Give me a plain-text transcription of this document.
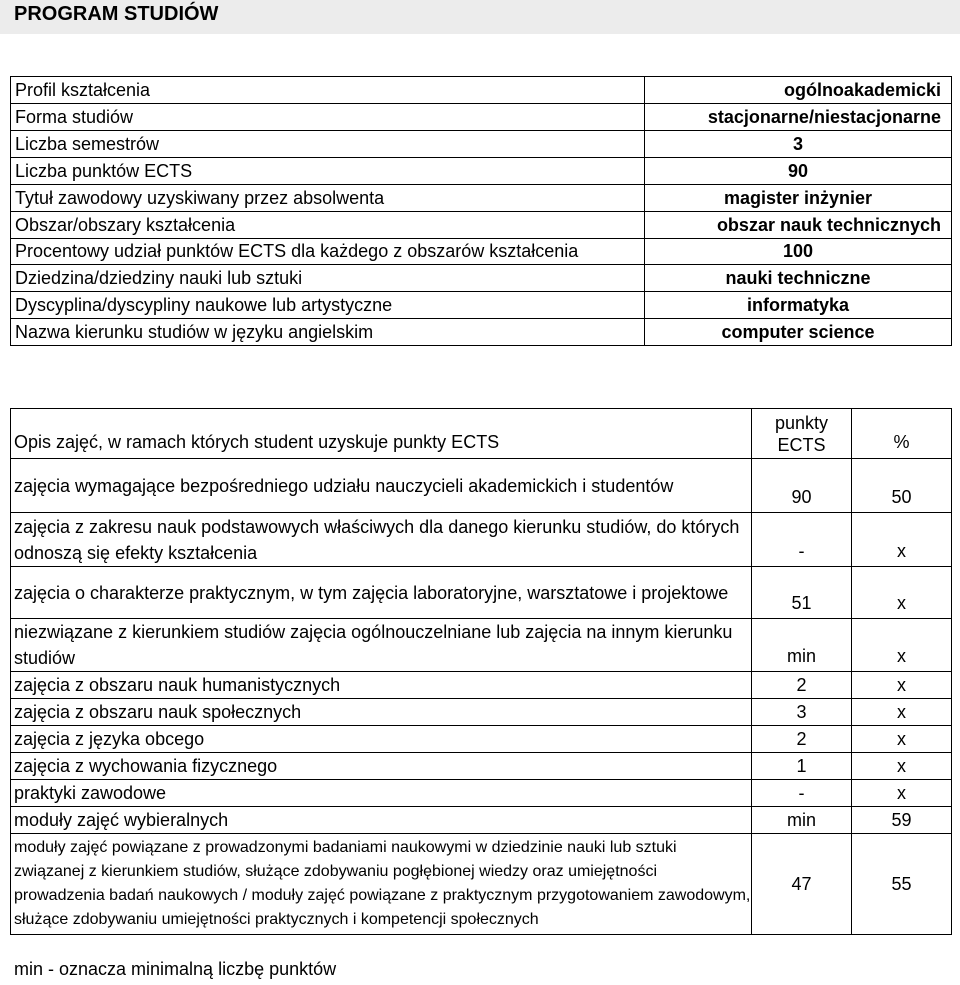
PROGRAM STUDIÓW
Profil kształcenia	ogólnoakademicki
Forma studiów	stacjonarne/niestacjonarne
Liczba semestrów	3
Liczba punktów ECTS	90
Tytuł zawodowy uzyskiwany przez absolwenta	magister inżynier
Obszar/obszary kształcenia	obszar nauk technicznych
Procentowy udział punktów ECTS dla każdego z obszarów kształcenia	100
Dziedzina/dziedziny nauki lub sztuki	nauki techniczne
Dyscyplina/dyscypliny naukowe lub artystyczne	informatyka
Nazwa kierunku studiów w języku angielskim	computer science
Opis zajęć, w ramach których student uzyskuje punkty ECTS	punkty ECTS	%
zajęcia wymagające bezpośredniego udziału nauczycieli akademickich i studentów	90	50
zajęcia z zakresu nauk podstawowych właściwych dla danego kierunku studiów, do których odnoszą się efekty kształcenia	-	x
zajęcia o charakterze praktycznym, w tym zajęcia laboratoryjne, warsztatowe i projektowe	51	x
niezwiązane z kierunkiem studiów zajęcia ogólnouczelniane lub zajęcia na innym kierunku studiów	min	x
zajęcia z obszaru nauk humanistycznych	2	x
zajęcia z obszaru nauk społecznych	3	x
zajęcia z języka obcego	2	x
zajęcia z wychowania fizycznego	1	x
praktyki zawodowe	-	x
moduły zajęć wybieralnych	min	59
moduły zajęć powiązane z prowadzonymi badaniami naukowymi w dziedzinie nauki lub sztuki związanej z kierunkiem studiów, służące zdobywaniu pogłębionej wiedzy oraz umiejętności prowadzenia badań naukowych / moduły zajęć powiązane z praktycznym przygotowaniem zawodowym, służące zdobywaniu umiejętności praktycznych i kompetencji społecznych	47	55
min - oznacza minimalną liczbę punktów
